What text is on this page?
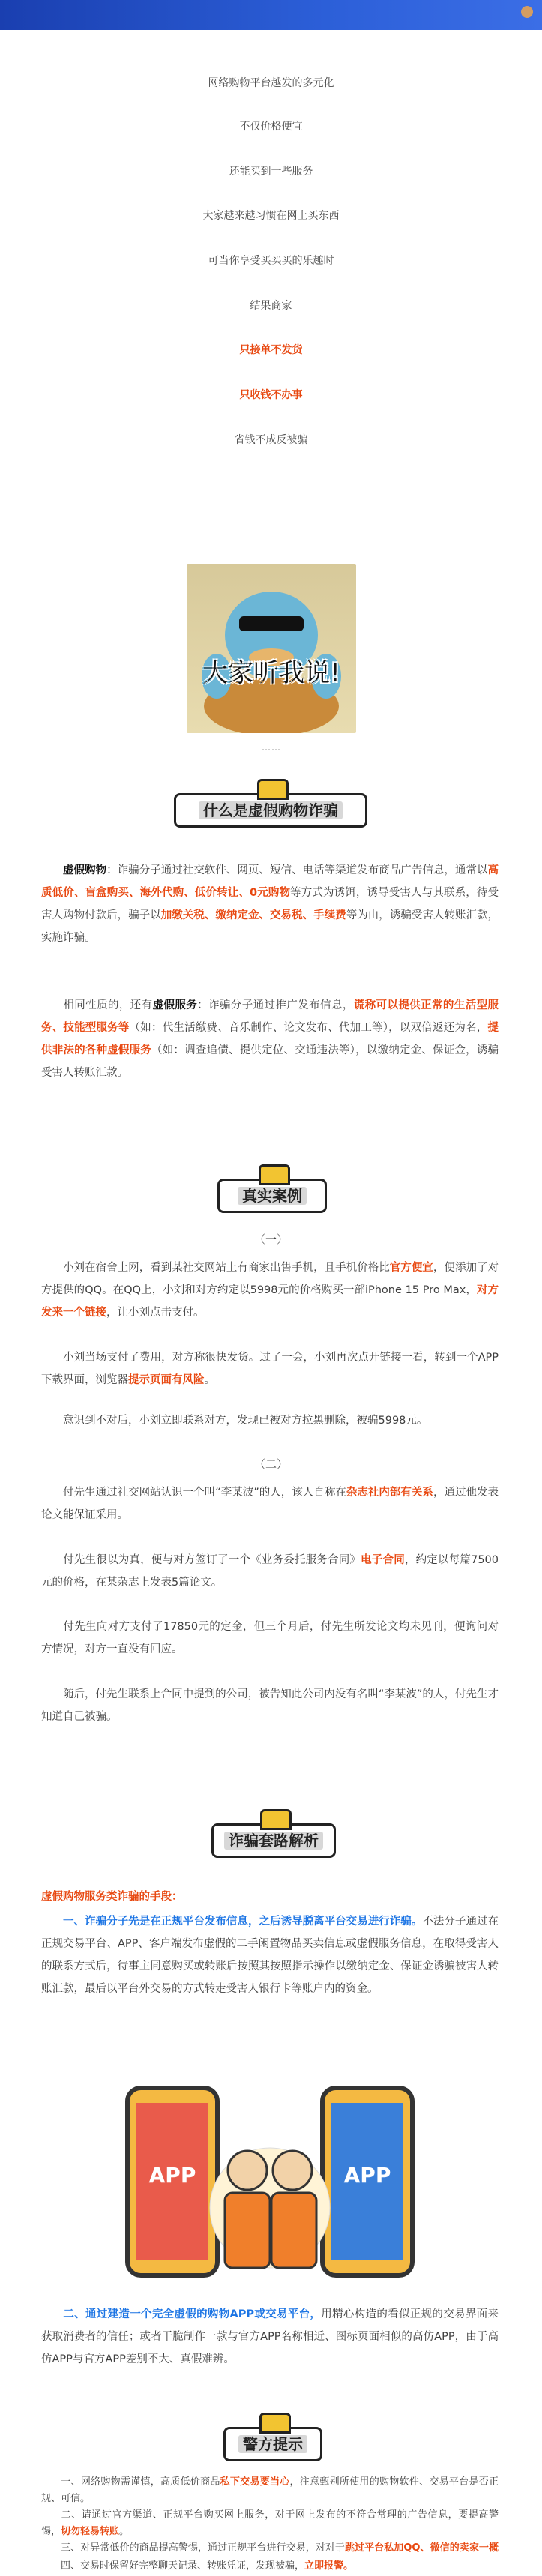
网络购物平台越发的多元化
不仅价格便宜
还能买到一些服务
大家越来越习惯在网上买东西
可当你享受买买买的乐趣时
结果商家
只接单不发货
只收钱不办事
省钱不成反被骗
大家听我说!
……
什么是虚假购物诈骗
虚假购物：诈骗分子通过社交软件、网页、短信、电话等渠道发布商品广告信息，通常以高质低价、盲盒购买、海外代购、低价转让、0元购物等方式为诱饵，诱导受害人与其联系，待受害人购物付款后，骗子以加缴关税、缴纳定金、交易税、手续费等为由，诱骗受害人转账汇款，实施诈骗。
相同性质的，还有虚假服务：诈骗分子通过推广发布信息，谎称可以提供正常的生活型服务、技能型服务等（如：代生活缴费、音乐制作、论文发布、代加工等），以双倍返还为名，提供非法的各种虚假服务（如：调查追债、提供定位、交通违法等），以缴纳定金、保证金，诱骗受害人转账汇款。
真实案例
（一）
小刘在宿舍上网，看到某社交网站上有商家出售手机，且手机价格比官方便宜，便添加了对方提供的QQ。在QQ上，小刘和对方约定以5998元的价格购买一部iPhone 15 Pro Max，对方发来一个链接，让小刘点击支付。
小刘当场支付了费用，对方称很快发货。过了一会，小刘再次点开链接一看，转到一个APP下载界面，浏览器提示页面有风险。
意识到不对后，小刘立即联系对方，发现已被对方拉黑删除，被骗5998元。
（二）
付先生通过社交网站认识一个叫“李某波”的人，该人自称在杂志社内部有关系，通过他发表论文能保证采用。
付先生很以为真，便与对方签订了一个《业务委托服务合同》电子合同，约定以每篇7500元的价格，在某杂志上发表5篇论文。
付先生向对方支付了17850元的定金，但三个月后，付先生所发论文均未见刊，便询问对方情况，对方一直没有回应。
随后，付先生联系上合同中提到的公司，被告知此公司内没有名叫“李某波”的人，付先生才知道自己被骗。
诈骗套路解析
虚假购物服务类诈骗的手段：
一、诈骗分子先是在正规平台发布信息，之后诱导脱离平台交易进行诈骗。不法分子通过在正规交易平台、APP、客户端发布虚假的二手闲置物品买卖信息或虚假服务信息，在取得受害人的联系方式后，待事主同意购买或转账后按照其按照指示操作以缴纳定金、保证金诱骗被害人转账汇款，最后以平台外交易的方式转走受害人银行卡等账户内的资金。
APP	APP
二、通过建造一个完全虚假的购物APP或交易平台，用精心构造的看似正规的交易界面来获取消费者的信任；或者干脆制作一款与官方APP名称相近、图标页面相似的高仿APP，由于高仿APP与官方APP差别不大、真假难辨。
警方提示
一、网络购物需谨慎，高质低价商品私下交易要当心，注意甄别所使用的购物软件、交易平台是否正规、可信。
二、请通过官方渠道、正规平台购买网上服务，对于网上发布的不符合常理的广告信息，要提高警惕，切勿轻易转账。
三、对异常低价的商品提高警惕，通过正规平台进行交易，对对于跳过平台私加QQ、微信的卖家一概
四、交易时保留好完整聊天记录、转账凭证，发现被骗，立即报警。
